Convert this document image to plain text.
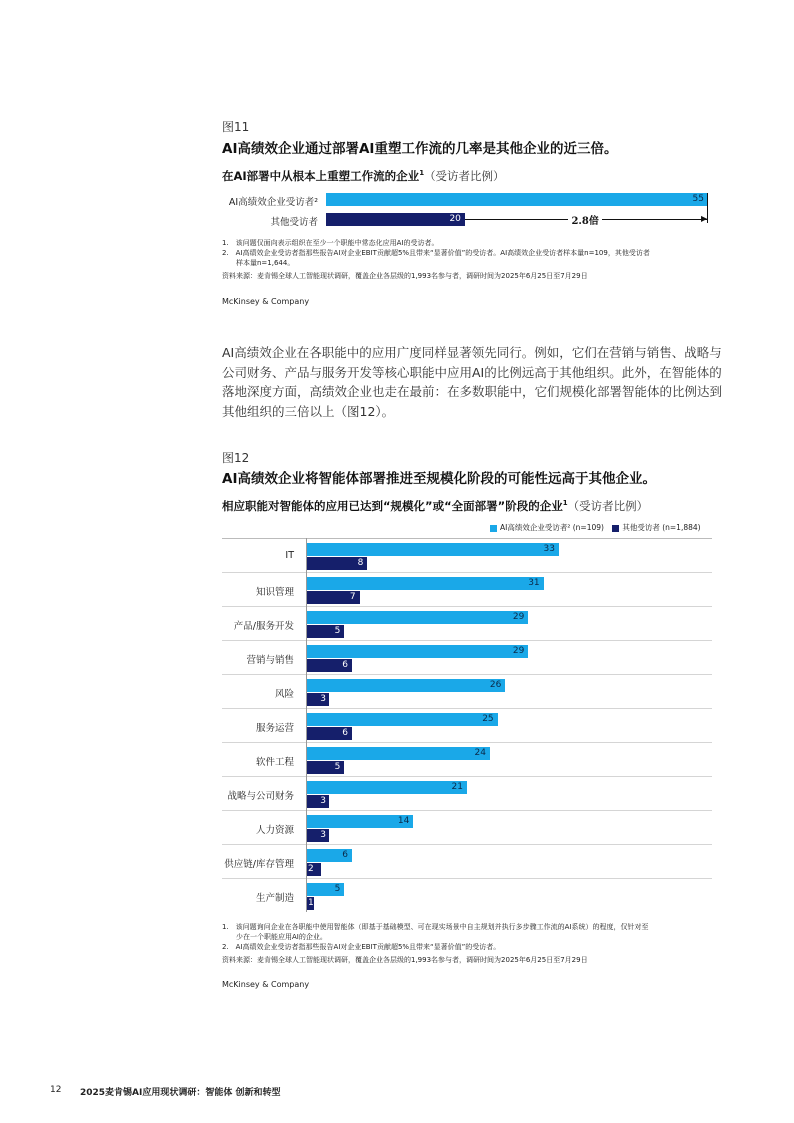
图11
AI高绩效企业通过部署AI重塑工作流的几率是其他企业的近三倍。
在AI部署中从根本上重塑工作流的企业$^1$（受访者比例）
AI高绩效企业受访者²	55
其他受访者	20	▶
2.8倍
1.　该问题仅面向表示组织在至少一个职能中常态化应用AI的受访者。
2.　AI高绩效企业受访者指那些报告AI对企业EBIT贡献超5%且带来“显著价值”的受访者。AI高绩效企业受访者样本量n=109，其他受访者
　　样本量n=1,644。
资料来源：麦肯锡全球人工智能现状调研，覆盖企业各层级的1,993名参与者，调研时间为2025年6月25日至7月29日
McKinsey & Company
AI高绩效企业在各职能中的应用广度同样显著领先同行。例如，它们在营销与销售、战略与
公司财务、产品与服务开发等核心职能中应用AI的比例远高于其他组织。此外，在智能体的
落地深度方面，高绩效企业也走在最前：在多数职能中，它们规模化部署智能体的比例达到
其他组织的三倍以上（图12）。
图12
AI高绩效企业将智能体部署推进至规模化阶段的可能性远高于其他企业。
相应职能对智能体的应用已达到“规模化”或“全面部署”阶段的企业$^1$（受访者比例）
AI高绩效企业受访者² (n=109) 其他受访者 (n=1,884)
IT
33
8
知识管理
31
7
产品/服务开发
29
5
营销与销售
29
6
风险
26
3
服务运营
25
6
软件工程
24
5
战略与公司财务
21
3
人力资源
14
3
供应链/库存管理
6
2
生产制造
5
1
1.　该问题询问企业在各职能中使用智能体（即基于基础模型、可在现实场景中自主规划并执行多步骤工作流的AI系统）的程度，仅针对至
　　少在一个职能应用AI的企业。
2.　AI高绩效企业受访者指那些报告AI对企业EBIT贡献超5%且带来“显著价值”的受访者。
资料来源：麦肯锡全球人工智能现状调研，覆盖企业各层级的1,993名参与者，调研时间为2025年6月25日至7月29日
McKinsey & Company
12 2025麦肯锡AI应用现状调研：智能体 创新和转型
